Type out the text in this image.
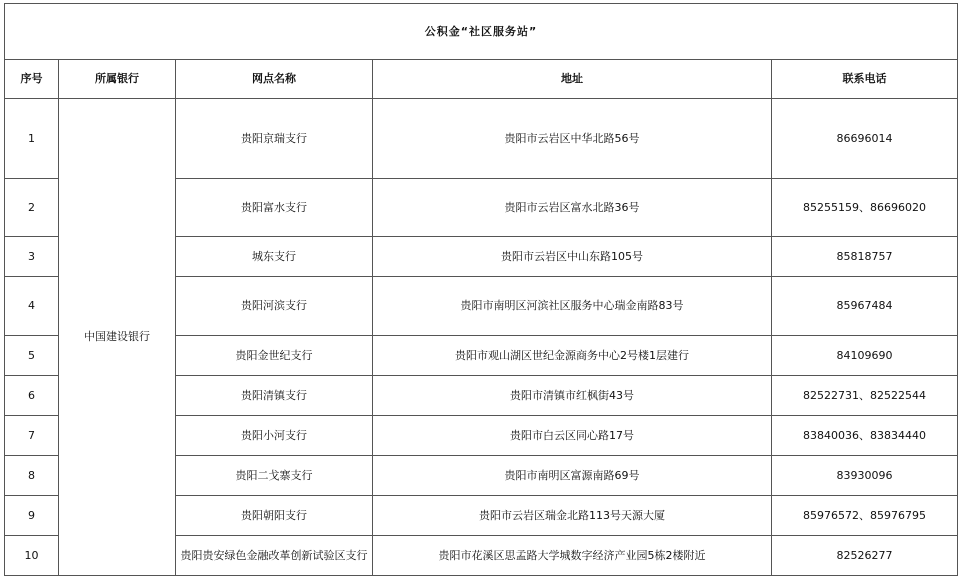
公积金“社区服务站”				
序号	所属银行	网点名称	地址	联系电话
1	中国建设银行	贵阳京瑞支行	贵阳市云岩区中华北路56号	86696014
2		贵阳富水支行	贵阳市云岩区富水北路36号	85255159、86696020
3		城东支行	贵阳市云岩区中山东路105号	85818757
4		贵阳河滨支行	贵阳市南明区河滨社区服务中心瑞金南路83号	85967484
5		贵阳金世纪支行	贵阳市观山湖区世纪金源商务中心2号楼1层建行	84109690
6		贵阳清镇支行	贵阳市清镇市红枫街43号	82522731、82522544
7		贵阳小河支行	贵阳市白云区同心路17号	83840036、83834440
8		贵阳二戈寨支行	贵阳市南明区富源南路69号	83930096
9		贵阳朝阳支行	贵阳市云岩区瑞金北路113号天源大厦	85976572、85976795
10		贵阳贵安绿色金融改革创新试验区支行	贵阳市花溪区思孟路大学城数字经济产业园5栋2楼附近	82526277
